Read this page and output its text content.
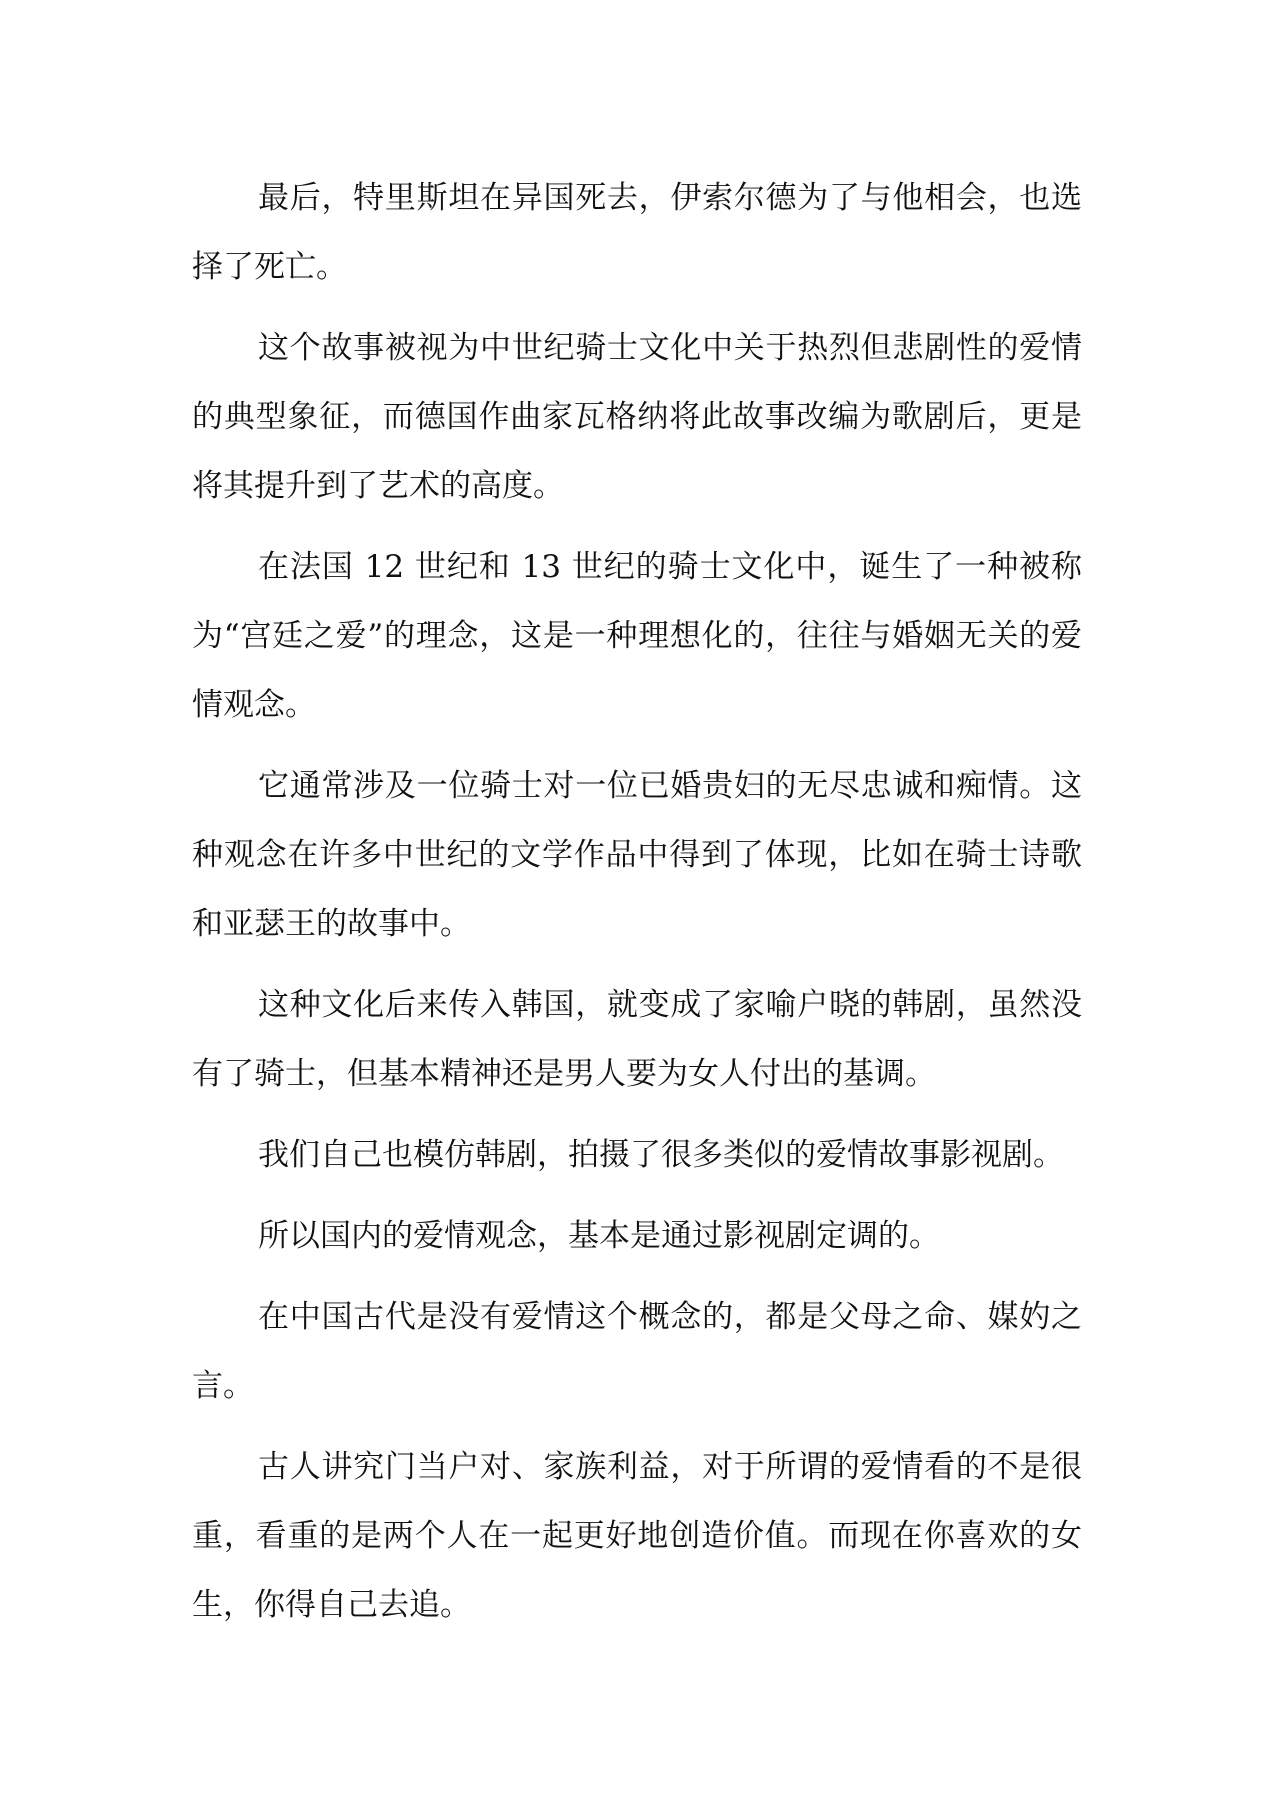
最后，特里斯坦在异国死去，伊索尔德为了与他相会，也选择了死亡。

这个故事被视为中世纪骑士文化中关于热烈但悲剧性的爱情的典型象征，而德国作曲家瓦格纳将此故事改编为歌剧后，更是将其提升到了艺术的高度。

在法国 12 世纪和 13 世纪的骑士文化中，诞生了一种被称为“宫廷之爱”的理念，这是一种理想化的，往往与婚姻无关的爱情观念。

它通常涉及一位骑士对一位已婚贵妇的无尽忠诚和痴情。这种观念在许多中世纪的文学作品中得到了体现，比如在骑士诗歌和亚瑟王的故事中。

这种文化后来传入韩国，就变成了家喻户晓的韩剧，虽然没有了骑士，但基本精神还是男人要为女人付出的基调。

我们自己也模仿韩剧，拍摄了很多类似的爱情故事影视剧。

所以国内的爱情观念，基本是通过影视剧定调的。

在中国古代是没有爱情这个概念的，都是父母之命、媒妁之言。

古人讲究门当户对、家族利益，对于所谓的爱情看的不是很重，看重的是两个人在一起更好地创造价值。而现在你喜欢的女生，你得自己去追。
